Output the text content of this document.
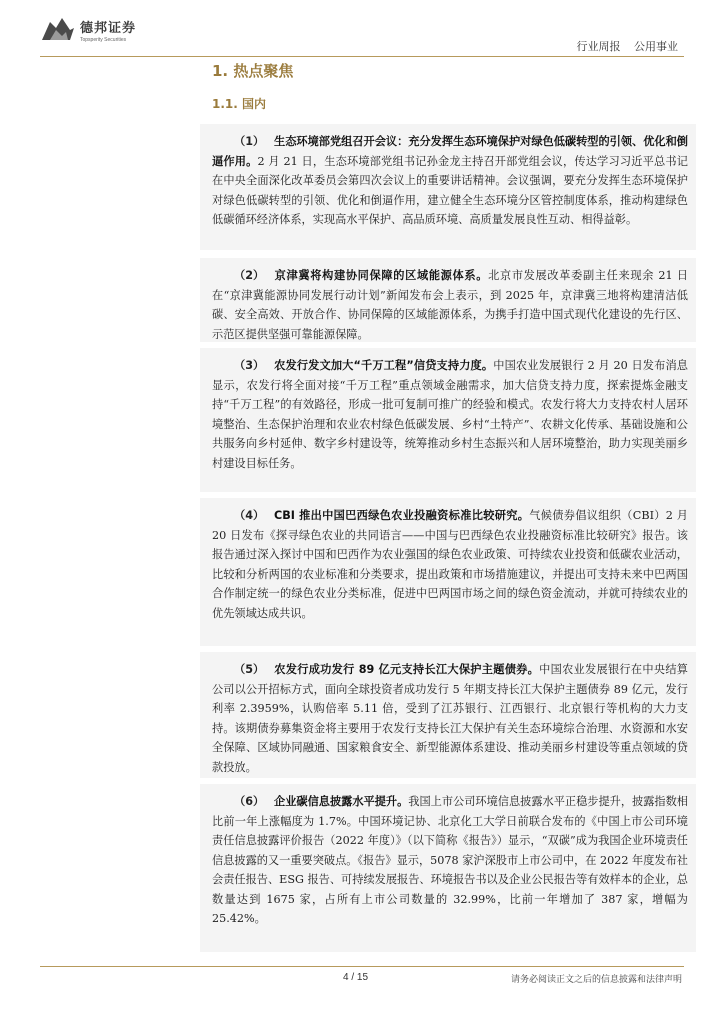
德邦证券
Topsperity Securities	行业周报 公用事业
1. 热点聚焦
1.1. 国内
（1） 生态环境部党组召开会议：充分发挥生态环境保护对绿色低碳转型的引领、优化和倒逼作用。2 月 21 日，生态环境部党组书记孙金龙主持召开部党组会议，传达学习习近平总书记在中央全面深化改革委员会第四次会议上的重要讲话精神。会议强调，要充分发挥生态环境保护对绿色低碳转型的引领、优化和倒逼作用，建立健全生态环境分区管控制度体系，推动构建绿色低碳循环经济体系，实现高水平保护、高品质环境、高质量发展良性互动、相得益彰。
（2） 京津冀将构建协同保障的区域能源体系。北京市发展改革委副主任来现余 21 日在“京津冀能源协同发展行动计划”新闻发布会上表示，到 2025 年，京津冀三地将构建清洁低碳、安全高效、开放合作、协同保障的区域能源体系，为携手打造中国式现代化建设的先行区、示范区提供坚强可靠能源保障。
（3） 农发行发文加大“千万工程”信贷支持力度。中国农业发展银行 2 月 20 日发布消息显示，农发行将全面对接“千万工程”重点领域金融需求，加大信贷支持力度，探索提炼金融支持“千万工程”的有效路径，形成一批可复制可推广的经验和模式。农发行将大力支持农村人居环境整治、生态保护治理和农业农村绿色低碳发展、乡村“土特产”、农耕文化传承、基础设施和公共服务向乡村延伸、数字乡村建设等，统筹推动乡村生态振兴和人居环境整治，助力实现美丽乡村建设目标任务。
（4） CBI 推出中国巴西绿色农业投融资标准比较研究。气候债券倡议组织（CBI）2 月 20 日发布《探寻绿色农业的共同语言——中国与巴西绿色农业投融资标准比较研究》报告。该报告通过深入探讨中国和巴西作为农业强国的绿色农业政策、可持续农业投资和低碳农业活动，比较和分析两国的农业标准和分类要求，提出政策和市场措施建议，并提出可支持未来中巴两国合作制定统一的绿色农业分类标准，促进中巴两国市场之间的绿色资金流动，并就可持续农业的优先领域达成共识。
（5） 农发行成功发行 89 亿元支持长江大保护主题债券。中国农业发展银行在中央结算公司以公开招标方式，面向全球投资者成功发行 5 年期支持长江大保护主题债券 89 亿元，发行利率 2.3959%，认购倍率 5.11 倍，受到了江苏银行、江西银行、北京银行等机构的大力支持。该期债券募集资金将主要用于农发行支持长江大保护有关生态环境综合治理、水资源和水安全保障、区域协同融通、国家粮食安全、新型能源体系建设、推动美丽乡村建设等重点领域的贷款投放。
（6） 企业碳信息披露水平提升。我国上市公司环境信息披露水平正稳步提升，披露指数相比前一年上涨幅度为 1.7%。中国环境记协、北京化工大学日前联合发布的《中国上市公司环境责任信息披露评价报告（2022 年度）》（以下简称《报告》）显示，“双碳”成为我国企业环境责任信息披露的又一重要突破点。《报告》显示，5078 家沪深股市上市公司中，在 2022 年度发布社会责任报告、ESG 报告、可持续发展报告、环境报告书以及企业公民报告等有效样本的企业，总数量达到 1675 家，占所有上市公司数量的 32.99%，比前一年增加了 387 家，增幅为 25.42%。
4 / 15	请务必阅读正文之后的信息披露和法律声明
